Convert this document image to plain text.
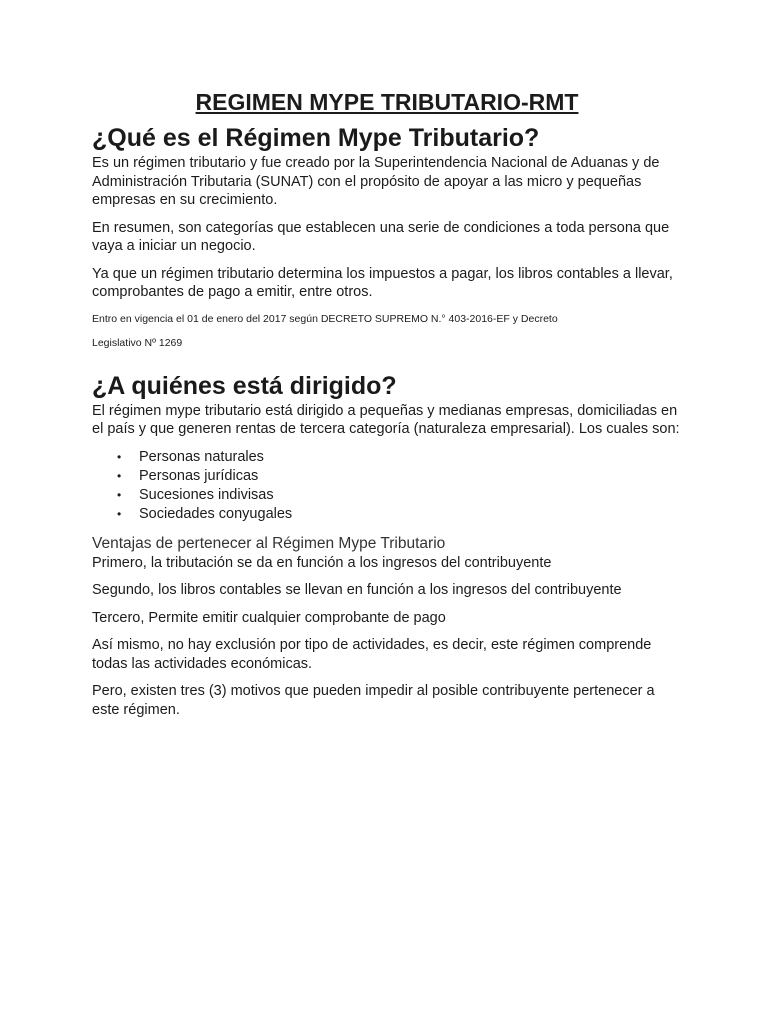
REGIMEN MYPE TRIBUTARIO-RMT
¿Qué es el Régimen Mype Tributario?

Es un régimen tributario y fue creado por la Superintendencia Nacional de Aduanas y de Administración Tributaria (SUNAT) con el propósito de apoyar a las micro y pequeñas empresas en su crecimiento.

En resumen, son categorías que establecen una serie de condiciones a toda persona que vaya a iniciar un negocio.

Ya que un régimen tributario determina los impuestos a pagar, los libros contables a llevar, comprobantes de pago a emitir, entre otros.

Entro en vigencia el 01 de enero del 2017 según DECRETO SUPREMO N.° 403-2016-EF y Decreto

Legislativo Nº 1269

¿A quiénes está dirigido?

El régimen mype tributario está dirigido a pequeñas y medianas empresas, domiciliadas en el país y que generen rentas de tercera categoría (naturaleza empresarial). Los cuales son:

• Personas naturales
• Personas jurídicas
• Sucesiones indivisas
• Sociedades conyugales
Ventajas de pertenecer al Régimen Mype Tributario

Primero, la tributación se da en función a los ingresos del contribuyente

Segundo, los libros contables se llevan en función a los ingresos del contribuyente

Tercero, Permite emitir cualquier comprobante de pago

Así mismo, no hay exclusión por tipo de actividades, es decir, este régimen comprende todas las actividades económicas.

Pero, existen tres (3) motivos que pueden impedir al posible contribuyente pertenecer a este régimen.
